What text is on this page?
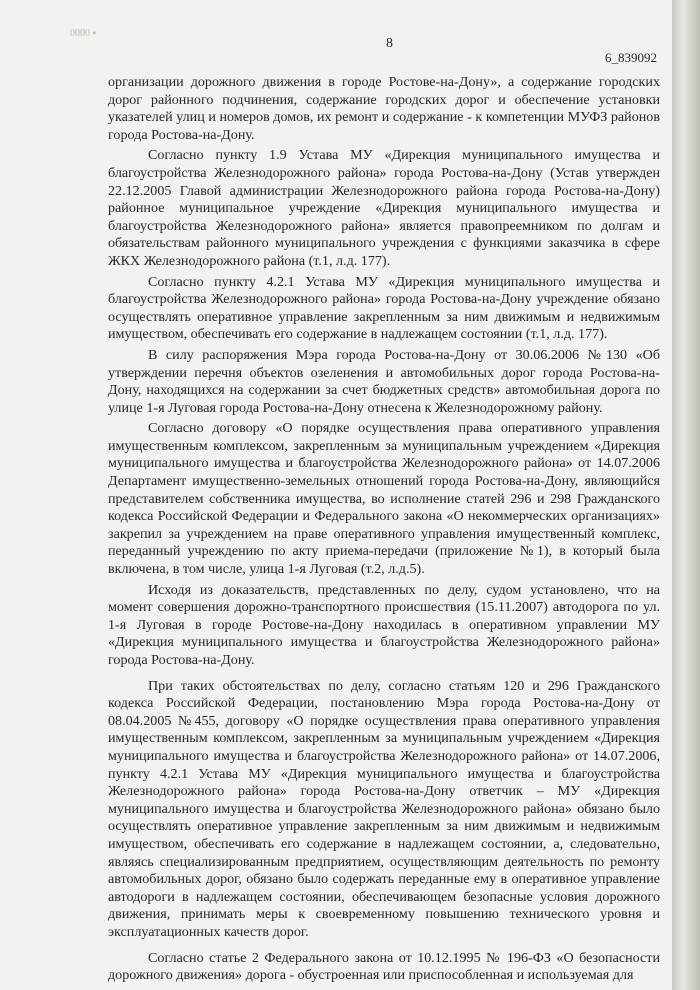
0000 ▪
8
6_839092

организации дорожного движения в городе Ростове-на-Дону», а содержание городских дорог районного подчинения, содержание городских дорог и обеспечение установки указателей улиц и номеров домов, их ремонт и содержание - к компетенции МУФЗ районов города Ростова-на-Дону.

Согласно пункту 1.9 Устава МУ «Дирекция муниципального имущества и благоустройства Железнодорожного района» города Ростова-на-Дону (Устав утвержден 22.12.2005 Главой администрации Железнодорожного района города Ростова-на-Дону) районное муниципальное учреждение «Дирекция муниципального имущества и благоустройства Железнодорожного района» является правопреемником по долгам и обязательствам районного муниципального учреждения с функциями заказчика в сфере ЖКХ Железнодорожного района (т.1, л.д. 177).

Согласно пункту 4.2.1 Устава МУ «Дирекция муниципального имущества и благоустройства Железнодорожного района» города Ростова-на-Дону учреждение обязано осуществлять оперативное управление закрепленным за ним движимым и недвижимым имуществом, обеспечивать его содержание в надлежащем состоянии (т.1, л.д. 177).

В силу распоряжения Мэра города Ростова-на-Дону от 30.06.2006 №130 «Об утверждении перечня объектов озеленения и автомобильных дорог города Ростова-на-Дону, находящихся на содержании за счет бюджетных средств» автомобильная дорога по улице 1-я Луговая города Ростова-на-Дону отнесена к Железнодорожному району.

Согласно договору «О порядке осуществления права оперативного управления имущественным комплексом, закрепленным за муниципальным учреждением «Дирекция муниципального имущества и благоустройства Железнодорожного района» от 14.07.2006 Департамент имущественно-земельных отношений города Ростова-на-Дону, являющийся представителем собственника имущества, во исполнение статей 296 и 298 Гражданского кодекса Российской Федерации и Федерального закона «О некоммерческих организациях» закрепил за учреждением на праве оперативного управления имущественный комплекс, переданный учреждению по акту приема-передачи (приложение №1), в который была включена, в том числе, улица 1-я Луговая (т.2, л.д.5).

Исходя из доказательств, представленных по делу, судом установлено, что на момент совершения дорожно-транспортного происшествия (15.11.2007) автодорога по ул. 1-я Луговая в городе Ростове-на-Дону находилась в оперативном управлении МУ «Дирекция муниципального имущества и благоустройства Железнодорожного района» города Ростова-на-Дону.

При таких обстоятельствах по делу, согласно статьям 120 и 296 Гражданского кодекса Российской Федерации, постановлению Мэра города Ростова-на-Дону от 08.04.2005 №455, договору «О порядке осуществления права оперативного управления имущественным комплексом, закрепленным за муниципальным учреждением «Дирекция муниципального имущества и благоустройства Железнодорожного района» от 14.07.2006, пункту 4.2.1 Устава МУ «Дирекция муниципального имущества и благоустройства Железнодорожного района» города Ростова-на-Дону ответчик – МУ «Дирекция муниципального имущества и благоустройства Железнодорожного района» обязано было осуществлять оперативное управление закрепленным за ним движимым и недвижимым имуществом, обеспечивать его содержание в надлежащем состоянии, а, следовательно, являясь специализированным предприятием, осуществляющим деятельность по ремонту автомобильных дорог, обязано было содержать переданные ему в оперативное управление автодороги в надлежащем состоянии, обеспечивающем безопасные условия дорожного движения, принимать меры к своевременному повышению технического уровня и эксплуатационных качеств дорог.

Согласно статье 2 Федерального закона от 10.12.1995 № 196-ФЗ «О безопасности дорожного движения» дорога - обустроенная или приспособленная и используемая для
